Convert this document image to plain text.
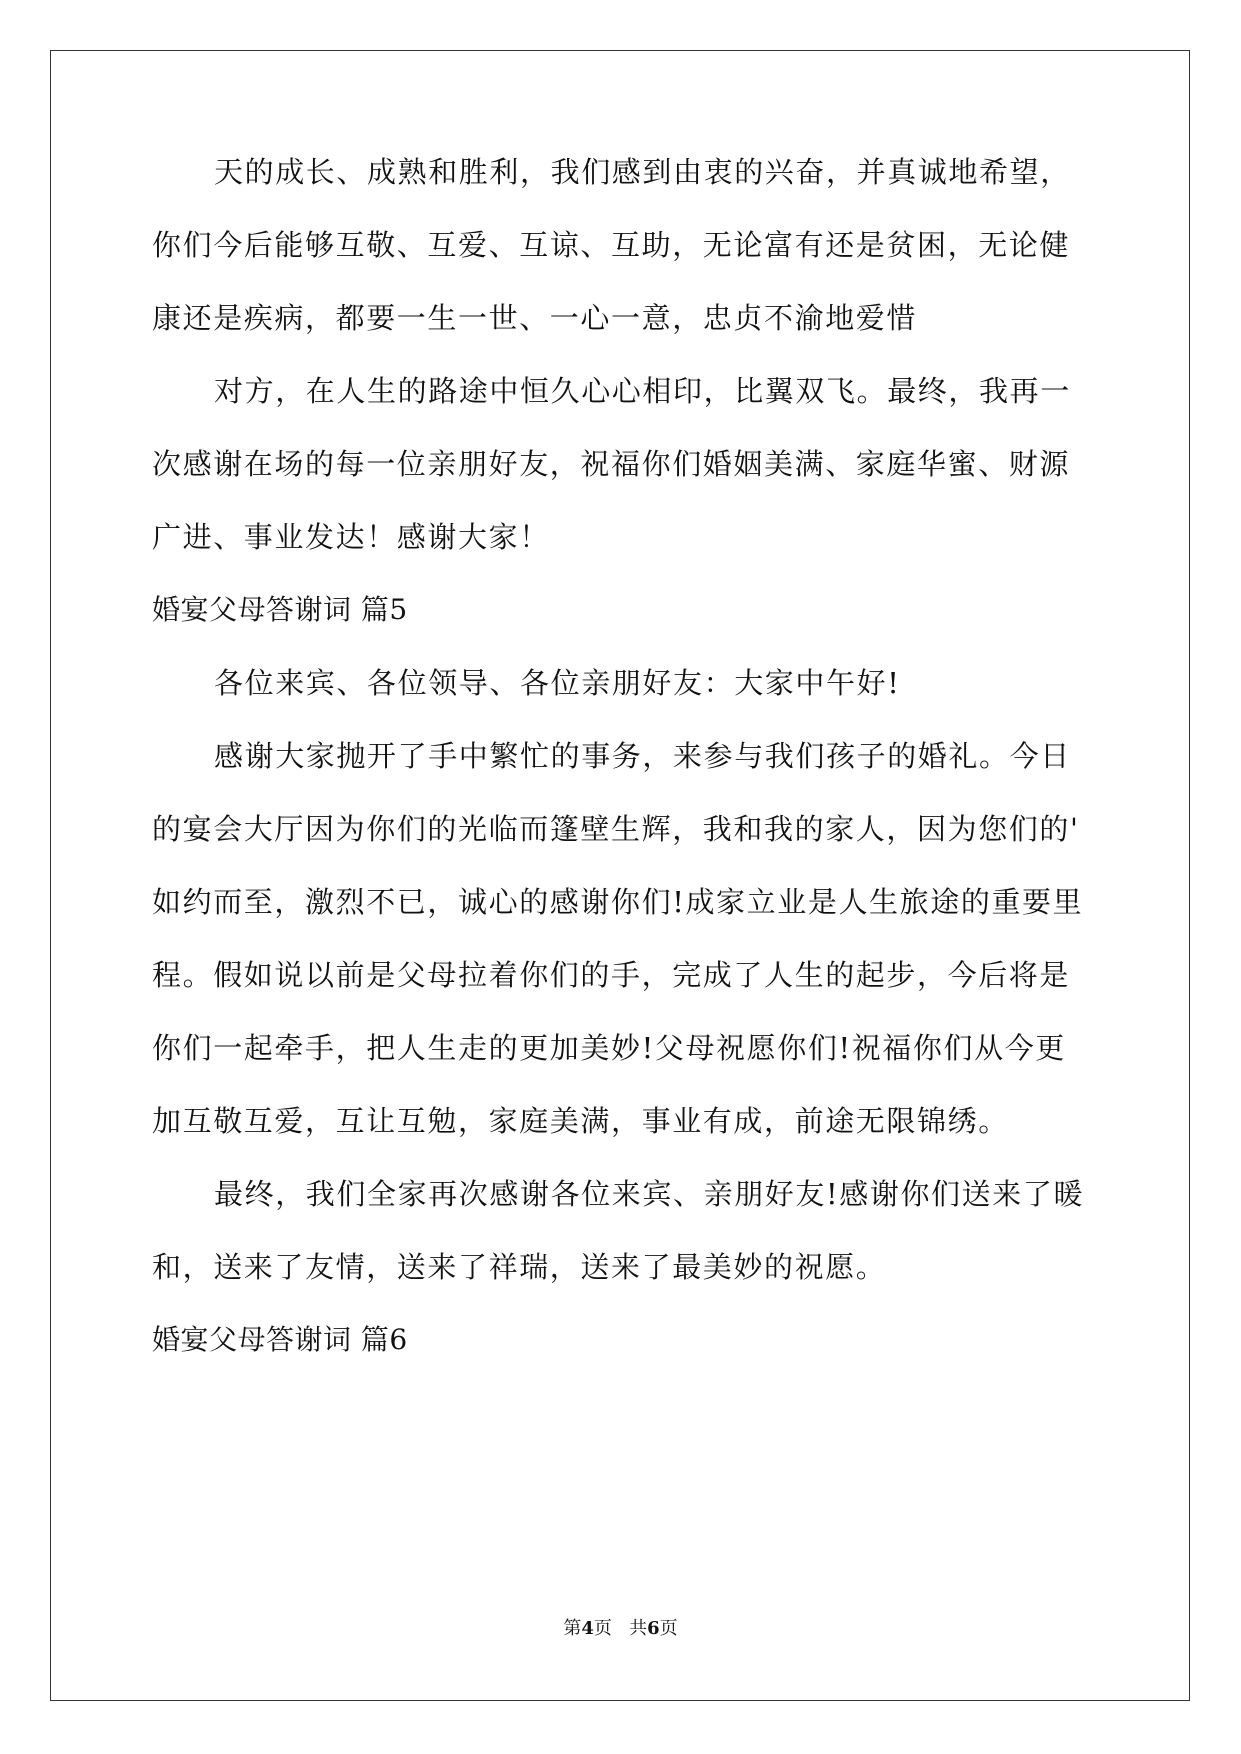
天的成长、成熟和胜利，我们感到由衷的兴奋，并真诚地希望，
你们今后能够互敬、互爱、互谅、互助，无论富有还是贫困，无论健
康还是疾病，都要一生一世、一心一意，忠贞不渝地爱惜
对方，在人生的路途中恒久心心相印，比翼双飞。最终，我再一
次感谢在场的每一位亲朋好友，祝福你们婚姻美满、家庭华蜜、财源
广进、事业发达！感谢大家！
婚宴父母答谢词 篇5
各位来宾、各位领导、各位亲朋好友：大家中午好!
感谢大家抛开了手中繁忙的事务，来参与我们孩子的婚礼。今日
的宴会大厅因为你们的光临而篷壁生辉，我和我的家人，因为您们的'
如约而至，激烈不已，诚心的感谢你们!成家立业是人生旅途的重要里
程。假如说以前是父母拉着你们的手，完成了人生的起步，今后将是
你们一起牵手，把人生走的更加美妙!父母祝愿你们!祝福你们从今更
加互敬互爱，互让互勉，家庭美满，事业有成，前途无限锦绣。
最终，我们全家再次感谢各位来宾、亲朋好友!感谢你们送来了暖
和，送来了友情，送来了祥瑞，送来了最美妙的祝愿。
婚宴父母答谢词 篇6
第4页   共6页
